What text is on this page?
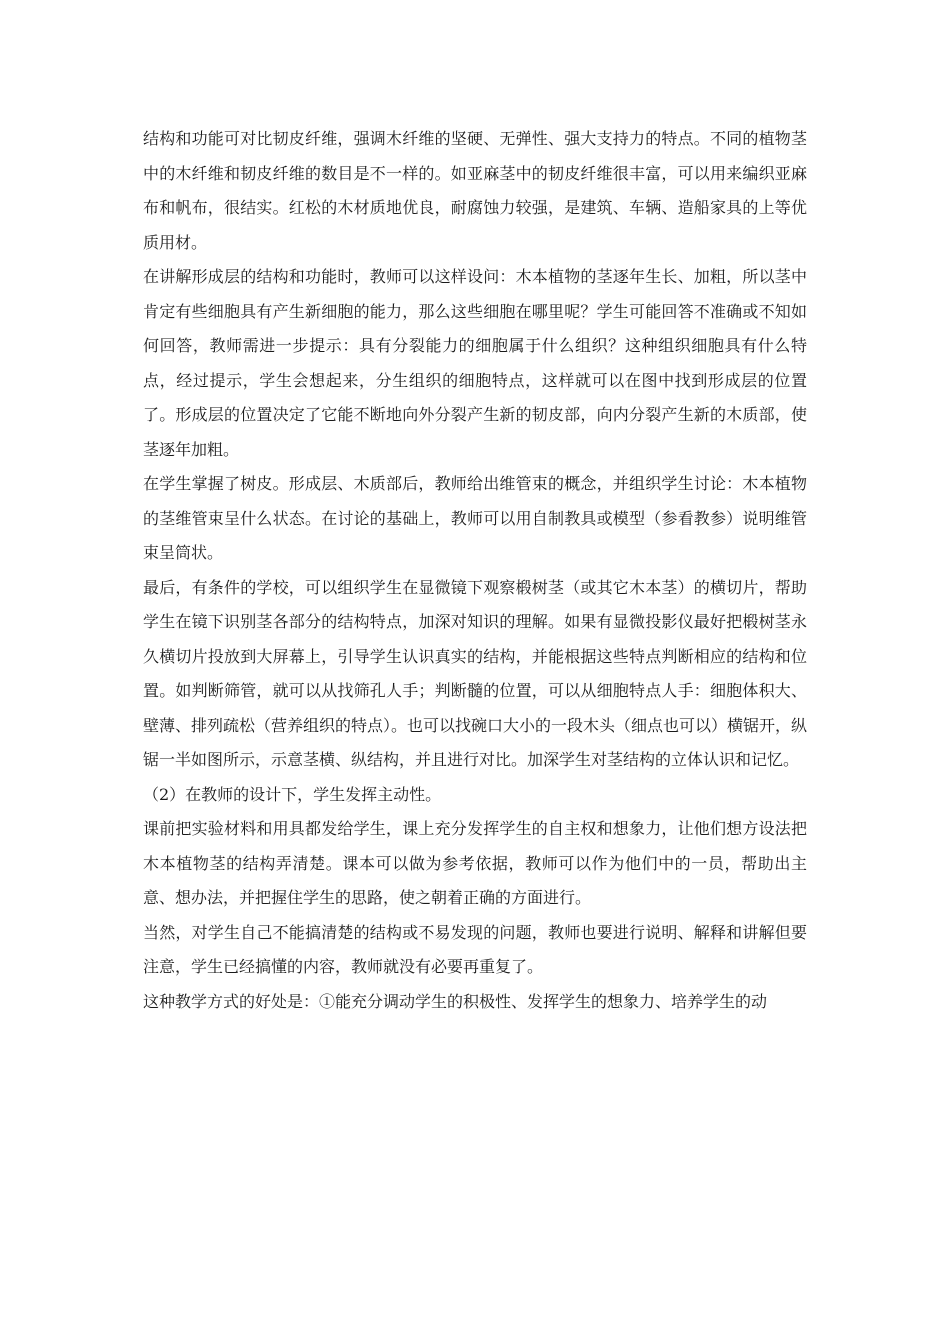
结构和功能可对比韧皮纤维，强调木纤维的坚硬、无弹性、强大支持力的特点。不同的植物茎中的木纤维和韧皮纤维的数目是不一样的。如亚麻茎中的韧皮纤维很丰富，可以用来编织亚麻布和帆布，很结实。红松的木材质地优良，耐腐蚀力较强，是建筑、车辆、造船家具的上等优质用材。

在讲解形成层的结构和功能时，教师可以这样设问：木本植物的茎逐年生长、加粗，所以茎中肯定有些细胞具有产生新细胞的能力，那么这些细胞在哪里呢？学生可能回答不准确或不知如何回答，教师需进一步提示：具有分裂能力的细胞属于什么组织？这种组织细胞具有什么特点，经过提示，学生会想起来，分生组织的细胞特点，这样就可以在图中找到形成层的位置了。形成层的位置决定了它能不断地向外分裂产生新的韧皮部，向内分裂产生新的木质部，使茎逐年加粗。

在学生掌握了树皮。形成层、木质部后，教师给出维管束的概念，并组织学生讨论：木本植物的茎维管束呈什么状态。在讨论的基础上，教师可以用自制教具或模型（参看教参）说明维管束呈筒状。

最后，有条件的学校，可以组织学生在显微镜下观察椴树茎（或其它木本茎）的横切片，帮助学生在镜下识别茎各部分的结构特点，加深对知识的理解。如果有显微投影仪最好把椴树茎永久横切片投放到大屏幕上，引导学生认识真实的结构，并能根据这些特点判断相应的结构和位置。如判断筛管，就可以从找筛孔人手；判断髓的位置，可以从细胞特点人手：细胞体积大、壁薄、排列疏松（营养组织的特点）。也可以找碗口大小的一段木头（细点也可以）横锯开，纵锯一半如图所示，示意茎横、纵结构，并且进行对比。加深学生对茎结构的立体认识和记忆。

（2）在教师的设计下，学生发挥主动性。

课前把实验材料和用具都发给学生，课上充分发挥学生的自主权和想象力，让他们想方设法把木本植物茎的结构弄清楚。课本可以做为参考依据，教师可以作为他们中的一员，帮助出主意、想办法，并把握住学生的思路，使之朝着正确的方面进行。

当然，对学生自己不能搞清楚的结构或不易发现的问题，教师也要进行说明、解释和讲解但要注意，学生已经搞懂的内容，教师就没有必要再重复了。

这种教学方式的好处是：①能充分调动学生的积极性、发挥学生的想象力、培养学生的动
